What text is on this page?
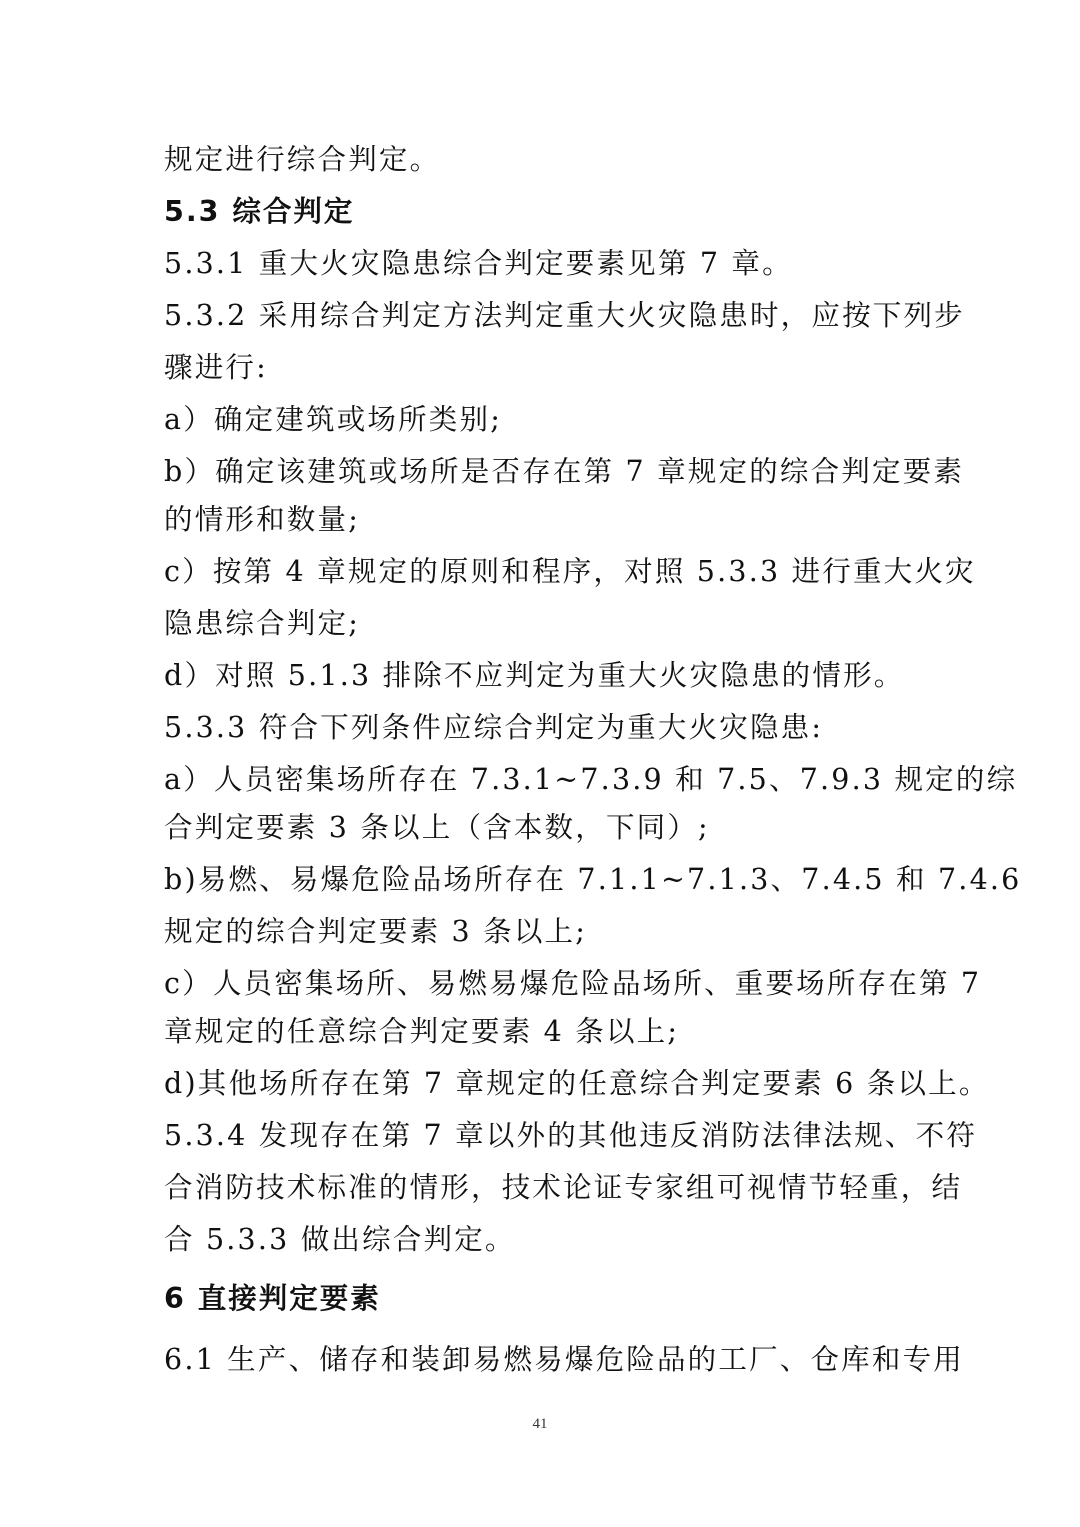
规定进行综合判定。
5.3 综合判定
5.3.1 重大火灾隐患综合判定要素见第 7 章。
5.3.2 采用综合判定方法判定重大火灾隐患时，应按下列步
骤进行:
a）确定建筑或场所类别;
b）确定该建筑或场所是否存在第 7 章规定的综合判定要素
的情形和数量;
c）按第 4 章规定的原则和程序，对照 5.3.3 进行重大火灾
隐患综合判定;
d）对照 5.1.3 排除不应判定为重大火灾隐患的情形。
5.3.3 符合下列条件应综合判定为重大火灾隐患:
a）人员密集场所存在 7.3.1~7.3.9 和 7.5、7.9.3 规定的综
合判定要素 3 条以上（含本数，下同）;
b)易燃、易爆危险品场所存在 7.1.1~7.1.3、7.4.5 和 7.4.6
规定的综合判定要素 3 条以上;
c）人员密集场所、易燃易爆危险品场所、重要场所存在第 7
章规定的任意综合判定要素 4 条以上;
d)其他场所存在第 7 章规定的任意综合判定要素 6 条以上。
5.3.4 发现存在第 7 章以外的其他违反消防法律法规、不符
合消防技术标准的情形，技术论证专家组可视情节轻重，结
合 5.3.3 做出综合判定。
6 直接判定要素
6.1 生产、储存和装卸易燃易爆危险品的工厂、仓库和专用
41
